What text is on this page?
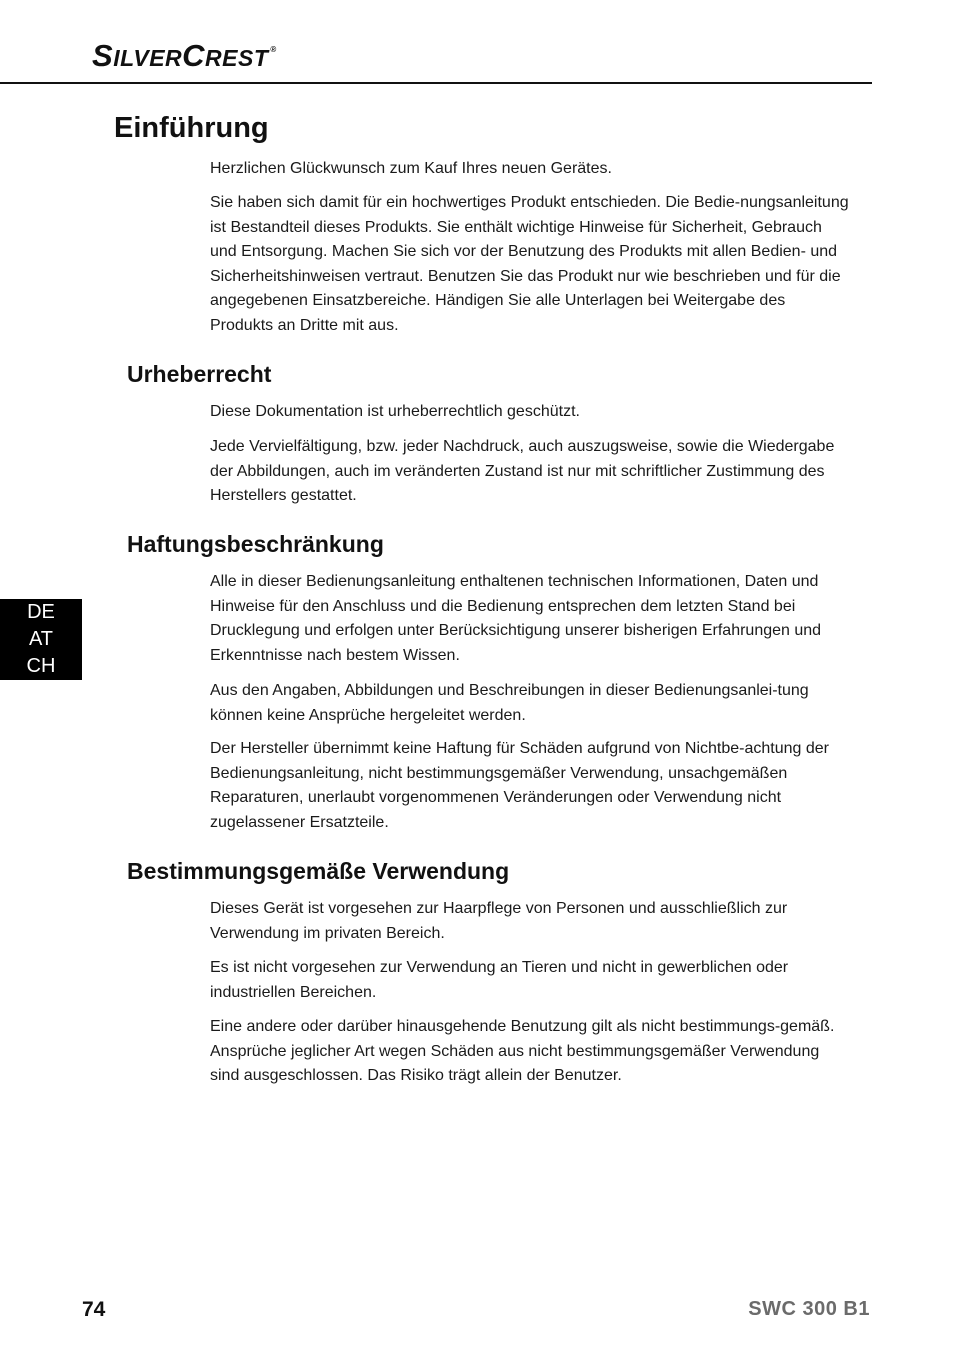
SILVERCREST ®
Einführung

Herzlichen Glückwunsch zum Kauf Ihres neuen Gerätes.

Sie haben sich damit für ein hochwertiges Produkt entschieden. Die Bedie-nungsanleitung ist Bestandteil dieses Produkts. Sie enthält wichtige Hinweise für Sicherheit, Gebrauch und Entsorgung. Machen Sie sich vor der Benutzung des Produkts mit allen Bedien- und Sicherheitshinweisen vertraut. Benutzen Sie das Produkt nur wie beschrieben und für die angegebenen Einsatzbereiche. Händigen Sie alle Unterlagen bei Weitergabe des Produkts an Dritte mit aus.

Urheberrecht

Diese Dokumentation ist urheberrechtlich geschützt.

Jede Vervielfältigung, bzw. jeder Nachdruck, auch auszugsweise, sowie die Wiedergabe der Abbildungen, auch im veränderten Zustand ist nur mit schriftlicher Zustimmung des Herstellers gestattet.

Haftungsbeschränkung

Alle in dieser Bedienungsanleitung enthaltenen technischen Informationen, Daten und Hinweise für den Anschluss und die Bedienung entsprechen dem letzten Stand bei Drucklegung und erfolgen unter Berücksichtigung unserer bisherigen Erfahrungen und Erkenntnisse nach bestem Wissen.

Aus den Angaben, Abbildungen und Beschreibungen in dieser Bedienungsanlei-tung können keine Ansprüche hergeleitet werden.

Der Hersteller übernimmt keine Haftung für Schäden aufgrund von Nichtbe-achtung der Bedienungsanleitung, nicht bestimmungsgemäßer Verwendung, unsachgemäßen Reparaturen, unerlaubt vorgenommenen Veränderungen oder Verwendung nicht zugelassener Ersatzteile.

Bestimmungsgemäße Verwendung

Dieses Gerät ist vorgesehen zur Haarpflege von Personen und ausschließlich zur Verwendung im privaten Bereich.

Es ist nicht vorgesehen zur Verwendung an Tieren und nicht in gewerblichen oder industriellen Bereichen.

Eine andere oder darüber hinausgehende Benutzung gilt als nicht bestimmungs-gemäß. Ansprüche jeglicher Art wegen Schäden aus nicht bestimmungsgemäßer Verwendung sind ausgeschlossen. Das Risiko trägt allein der Benutzer.

DE
AT
CH
74	SWC 300 B1
